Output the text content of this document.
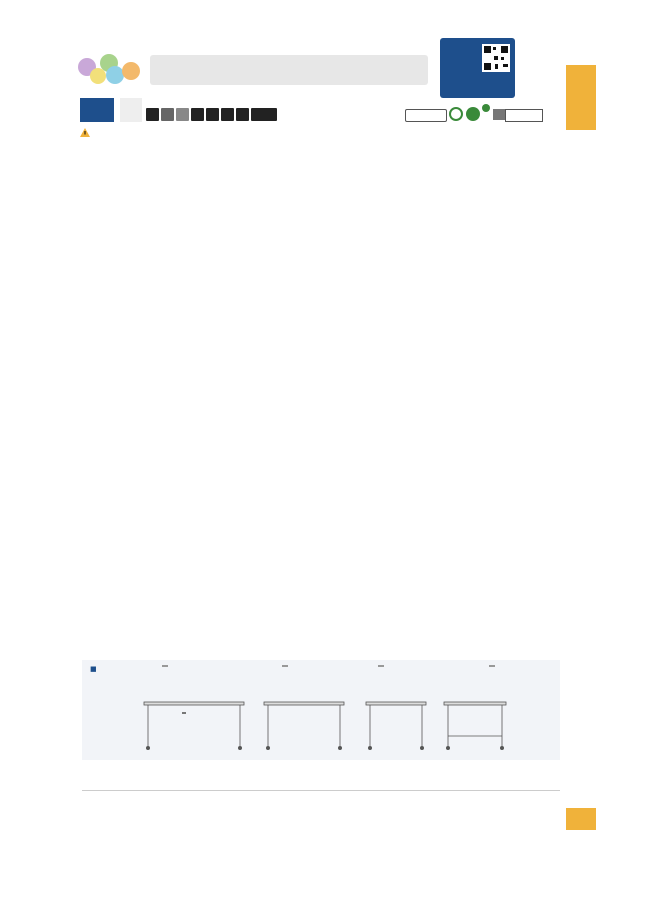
■
